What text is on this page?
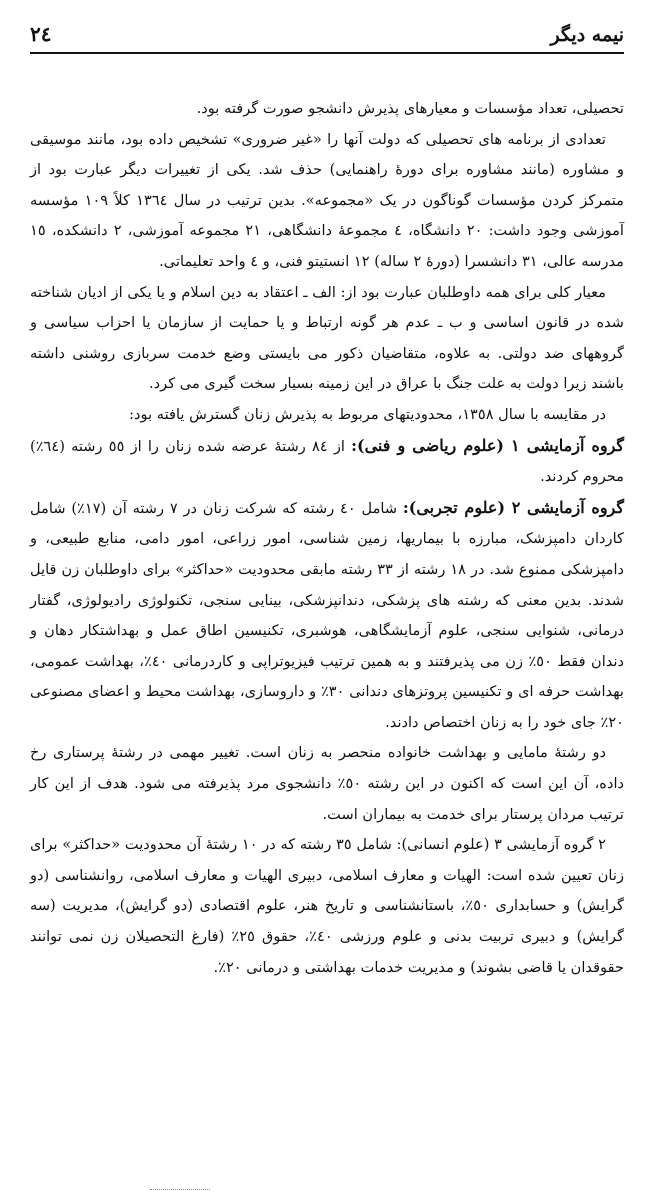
نیمه دیگر
٢٤

تحصیلی، تعداد مؤسسات و معیارهای پذیرش دانشجو صورت گرفته بود.

تعدادی از برنامه های تحصیلی که دولت آنها را «غیر ضروری» تشخیص داده بود، مانند موسیقی و مشاوره (مانند مشاوره برای دورهٔ راهنمایی) حذف شد. یکی از تغییرات دیگر عبارت بود از متمرکز کردن مؤسسات گوناگون در یک «مجموعه». بدین ترتیب در سال ١٣٦٤ کلاً ١٠٩ مؤسسه آموزشی وجود داشت: ٢٠ دانشگاه، ٤ مجموعهٔ دانشگاهی، ٢١ مجموعه آموزشی، ٢ دانشکده، ١٥ مدرسه عالی، ٣١ دانشسرا (دورهٔ ٢ ساله) ١٢ انستیتو فنی، و ٤ واحد تعلیماتی.

معیار کلی برای همه داوطلبان عبارت بود از: الف ـ اعتقاد به دین اسلام و یا یکی از ادیان شناخته شده در قانون اساسی و ب ـ عدم هر گونه ارتباط و یا حمایت از سازمان یا احزاب سیاسی و گروههای ضد دولتی. به علاوه، متقاضیان ذکور می بایستی وضع خدمت سربازی روشنی داشته باشند زیرا دولت به علت جنگ با عراق در این زمینه بسیار سخت گیری می کرد.

در مقایسه با سال ١٣٥٨، محدودیتهای مربوط به پذیرش زنان گسترش یافته بود:

گروه آزمایشی ١ (علوم ریاضی و فنی): از ٨٤ رشتهٔ عرضه شده زنان را از ٥٥ رشته (٦٤٪) محروم کردند.

گروه آزمایشی ٢ (علوم تجربی): شامل ٤٠ رشته که شرکت زنان در ٧ رشته آن (١٧٪) شامل کاردان دامپزشک، مبارزه با بیماریها، زمین شناسی، امور زراعی، امور دامی، منابع طبیعی، و دامپزشکی ممنوع شد. در ١٨ رشته از ٣٣ رشته مابقی محدودیت «حداکثر» برای داوطلبان زن قایل شدند. بدین معنی که رشته های پزشکی، دندانپزشکی، بینایی سنجی، تکنولوژی رادیولوژی، گفتار درمانی، شنوایی سنجی، علوم آزمایشگاهی، هوشبری، تکنیسین اطاق عمل و بهداشتکار دهان و دندان فقط ٥٠٪ زن می پذیرفتند و به همین ترتیب فیزیوتراپی و کاردرمانی ٤٠٪، بهداشت عمومی، بهداشت حرفه ای و تکنیسین پروتزهای دندانی ٣٠٪ و داروسازی، بهداشت محیط و اعضای مصنوعی ٢٠٪ جای خود را به زنان اختصاص دادند.

دو رشتهٔ مامایی و بهداشت خانواده منحصر به زنان است. تغییر مهمی در رشتهٔ پرستاری رخ داده، آن این است که اکنون در این رشته ٥٠٪ دانشجوی مرد پذیرفته می شود. هدف از این کار ترتیب مردان پرستار برای خدمت به بیماران است.

٢ گروه آزمایشی ٣ (علوم انسانی): شامل ٣٥ رشته که در ١٠ رشتهٔ آن محدودیت «حداکثر» برای زنان تعیین شده است: الهیات و معارف اسلامی، دبیری الهیات و معارف اسلامی، روانشناسی (دو گرایش) و حسابداری ٥٠٪، باستانشناسی و تاریخ هنر، علوم اقتصادی (دو گرایش)، مدیریت (سه گرایش) و دبیری تربیت بدنی و علوم ورزشی ٤٠٪، حقوق ٢٥٪ (فارغ التحصیلان زن نمی توانند حقوقدان یا قاضی بشوند) و مدیریت خدمات بهداشتی و درمانی ٢٠٪.
